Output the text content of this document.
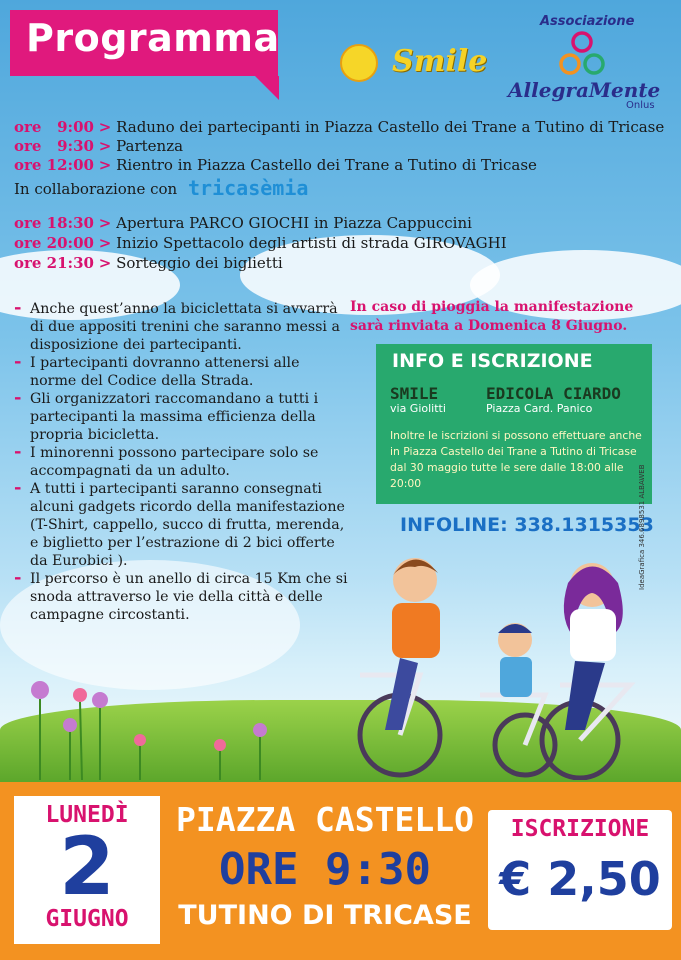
Programma
Smile
Associazione
AllegraMente
Onlus
ore   9:00 > Raduno dei partecipanti in Piazza Castello dei Trane a Tutino di Tricase
ore   9:30 > Partenza
ore 12:00 > Rientro in Piazza Castello dei Trane a Tutino di Tricase
In collaborazione con tricasèmia
ore 18:30 > Apertura PARCO GIOCHI in Piazza Cappuccini
ore 20:00 > Inizio Spettacolo degli artisti di strada GIROVAGHI
ore 21:30 > Sorteggio dei biglietti

- Anche quest’anno la biciclettata si avvarrà di due appositi trenini che saranno messi a disposizione dei partecipanti.

- I partecipanti dovranno attenersi alle norme del Codice della Strada.

- Gli organizzatori raccomandano a tutti i partecipanti la massima efficienza della propria bicicletta.

- I minorenni possono partecipare solo se accompagnati da un adulto.

- A tutti i partecipanti saranno consegnati alcuni gadgets ricordo della manifestazione (T-Shirt, cappello, succo di frutta, merenda, e biglietto per l’estrazione di 2 bici offerte da Eurobici ).

- Il percorso è un anello di circa 15 Km che si snoda attraverso le vie della città e delle campagne circostanti.

In caso di pioggia la manifestazione sarà rinviata a Domenica 8 Giugno.
INFO E ISCRIZIONE
SMILE
via Giolitti
EDICOLA CIARDO
Piazza Card. Panico
Inoltre le iscrizioni si possono effettuare anche in Piazza Castello dei Trane a Tutino di Tricase dal 30 maggio tutte le sere dalle 18:00 alle 20:00
INFOLINE: 338.1315353
IdeaGrafica 346.6898531 ALBAWEB
LUNEDÌ
2
GIUGNO
PIAZZA CASTELLO
ORE 9:30
TUTINO DI TRICASE
ISCRIZIONE
€ 2,50
